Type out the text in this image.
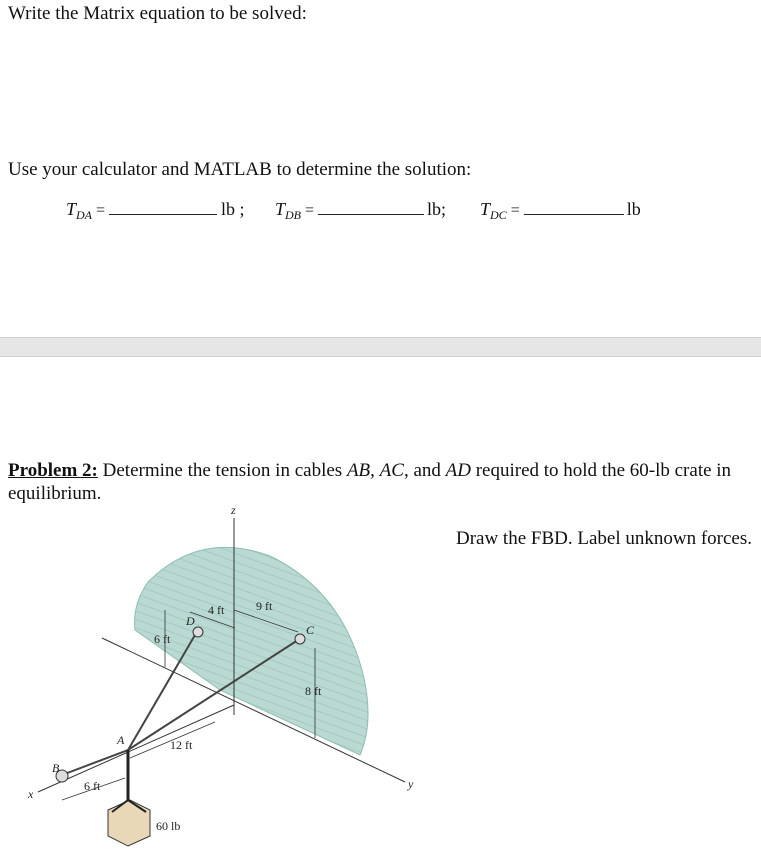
Write the Matrix equation to be solved:
Use your calculator and MATLAB to determine the solution:
$T_{DA}$ =	lb ; $T_{DB}$ =	lb; $T_{DC}$ =	lb
Problem 2: Determine the tension in cables AB, AC, and AD required to hold the 60-lb crate in equilibrium.
Draw the FBD. Label unknown forces.
z
y
x
4 ft	9 ft
6 ft
8 ft
12 ft
6 ft
D
C
A
B
60 lb
